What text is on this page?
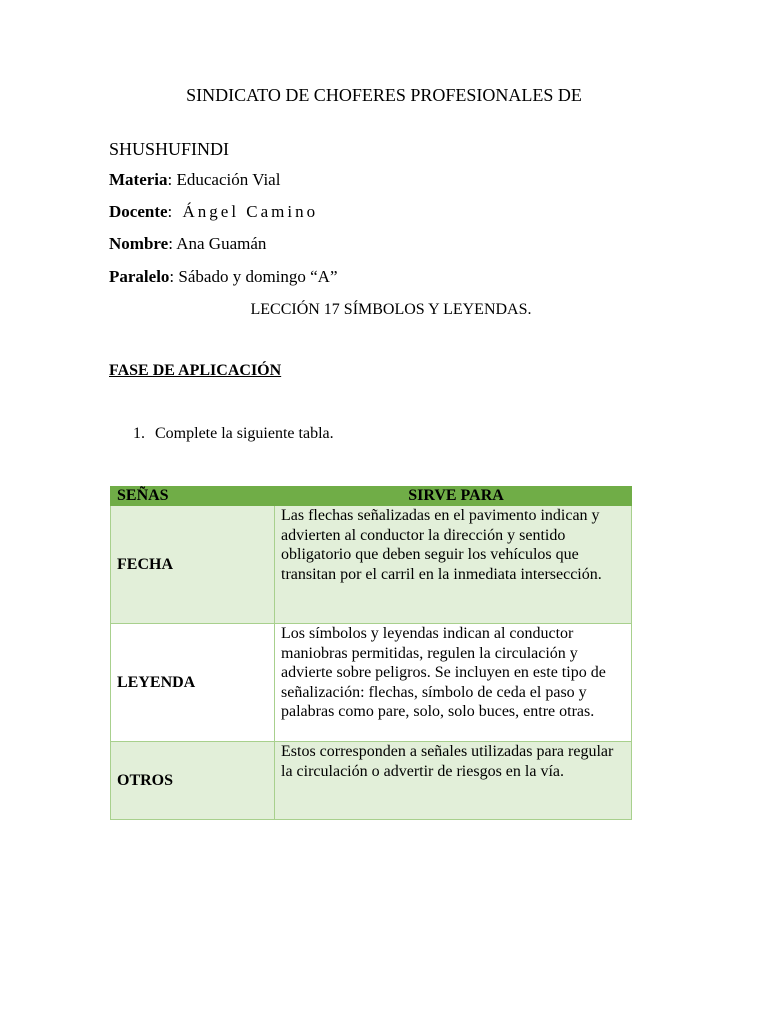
SINDICATO DE CHOFERES PROFESIONALES DE
SHUSHUFINDI
Materia: Educación Vial
Docente: Ángel Camino
Nombre: Ana Guamán
Paralelo: Sábado y domingo “A”
LECCIÓN 17 SÍMBOLOS Y LEYENDAS.
FASE DE APLICACIÓN
1. Complete la siguiente tabla.
SEÑAS	SIRVE PARA
FECHA	Las flechas señalizadas en el pavimento indican y advierten al conductor la dirección y sentido obligatorio que deben seguir los vehículos que transitan por el carril en la inmediata intersección.
LEYENDA	Los símbolos y leyendas indican al conductor maniobras permitidas, regulen la circulación y advierte sobre peligros. Se incluyen en este tipo de señalización: flechas, símbolo de ceda el paso y palabras como pare, solo, solo buces, entre otras.
OTROS	Estos corresponden a señales utilizadas para regular la circulación o advertir de riesgos en la vía.
